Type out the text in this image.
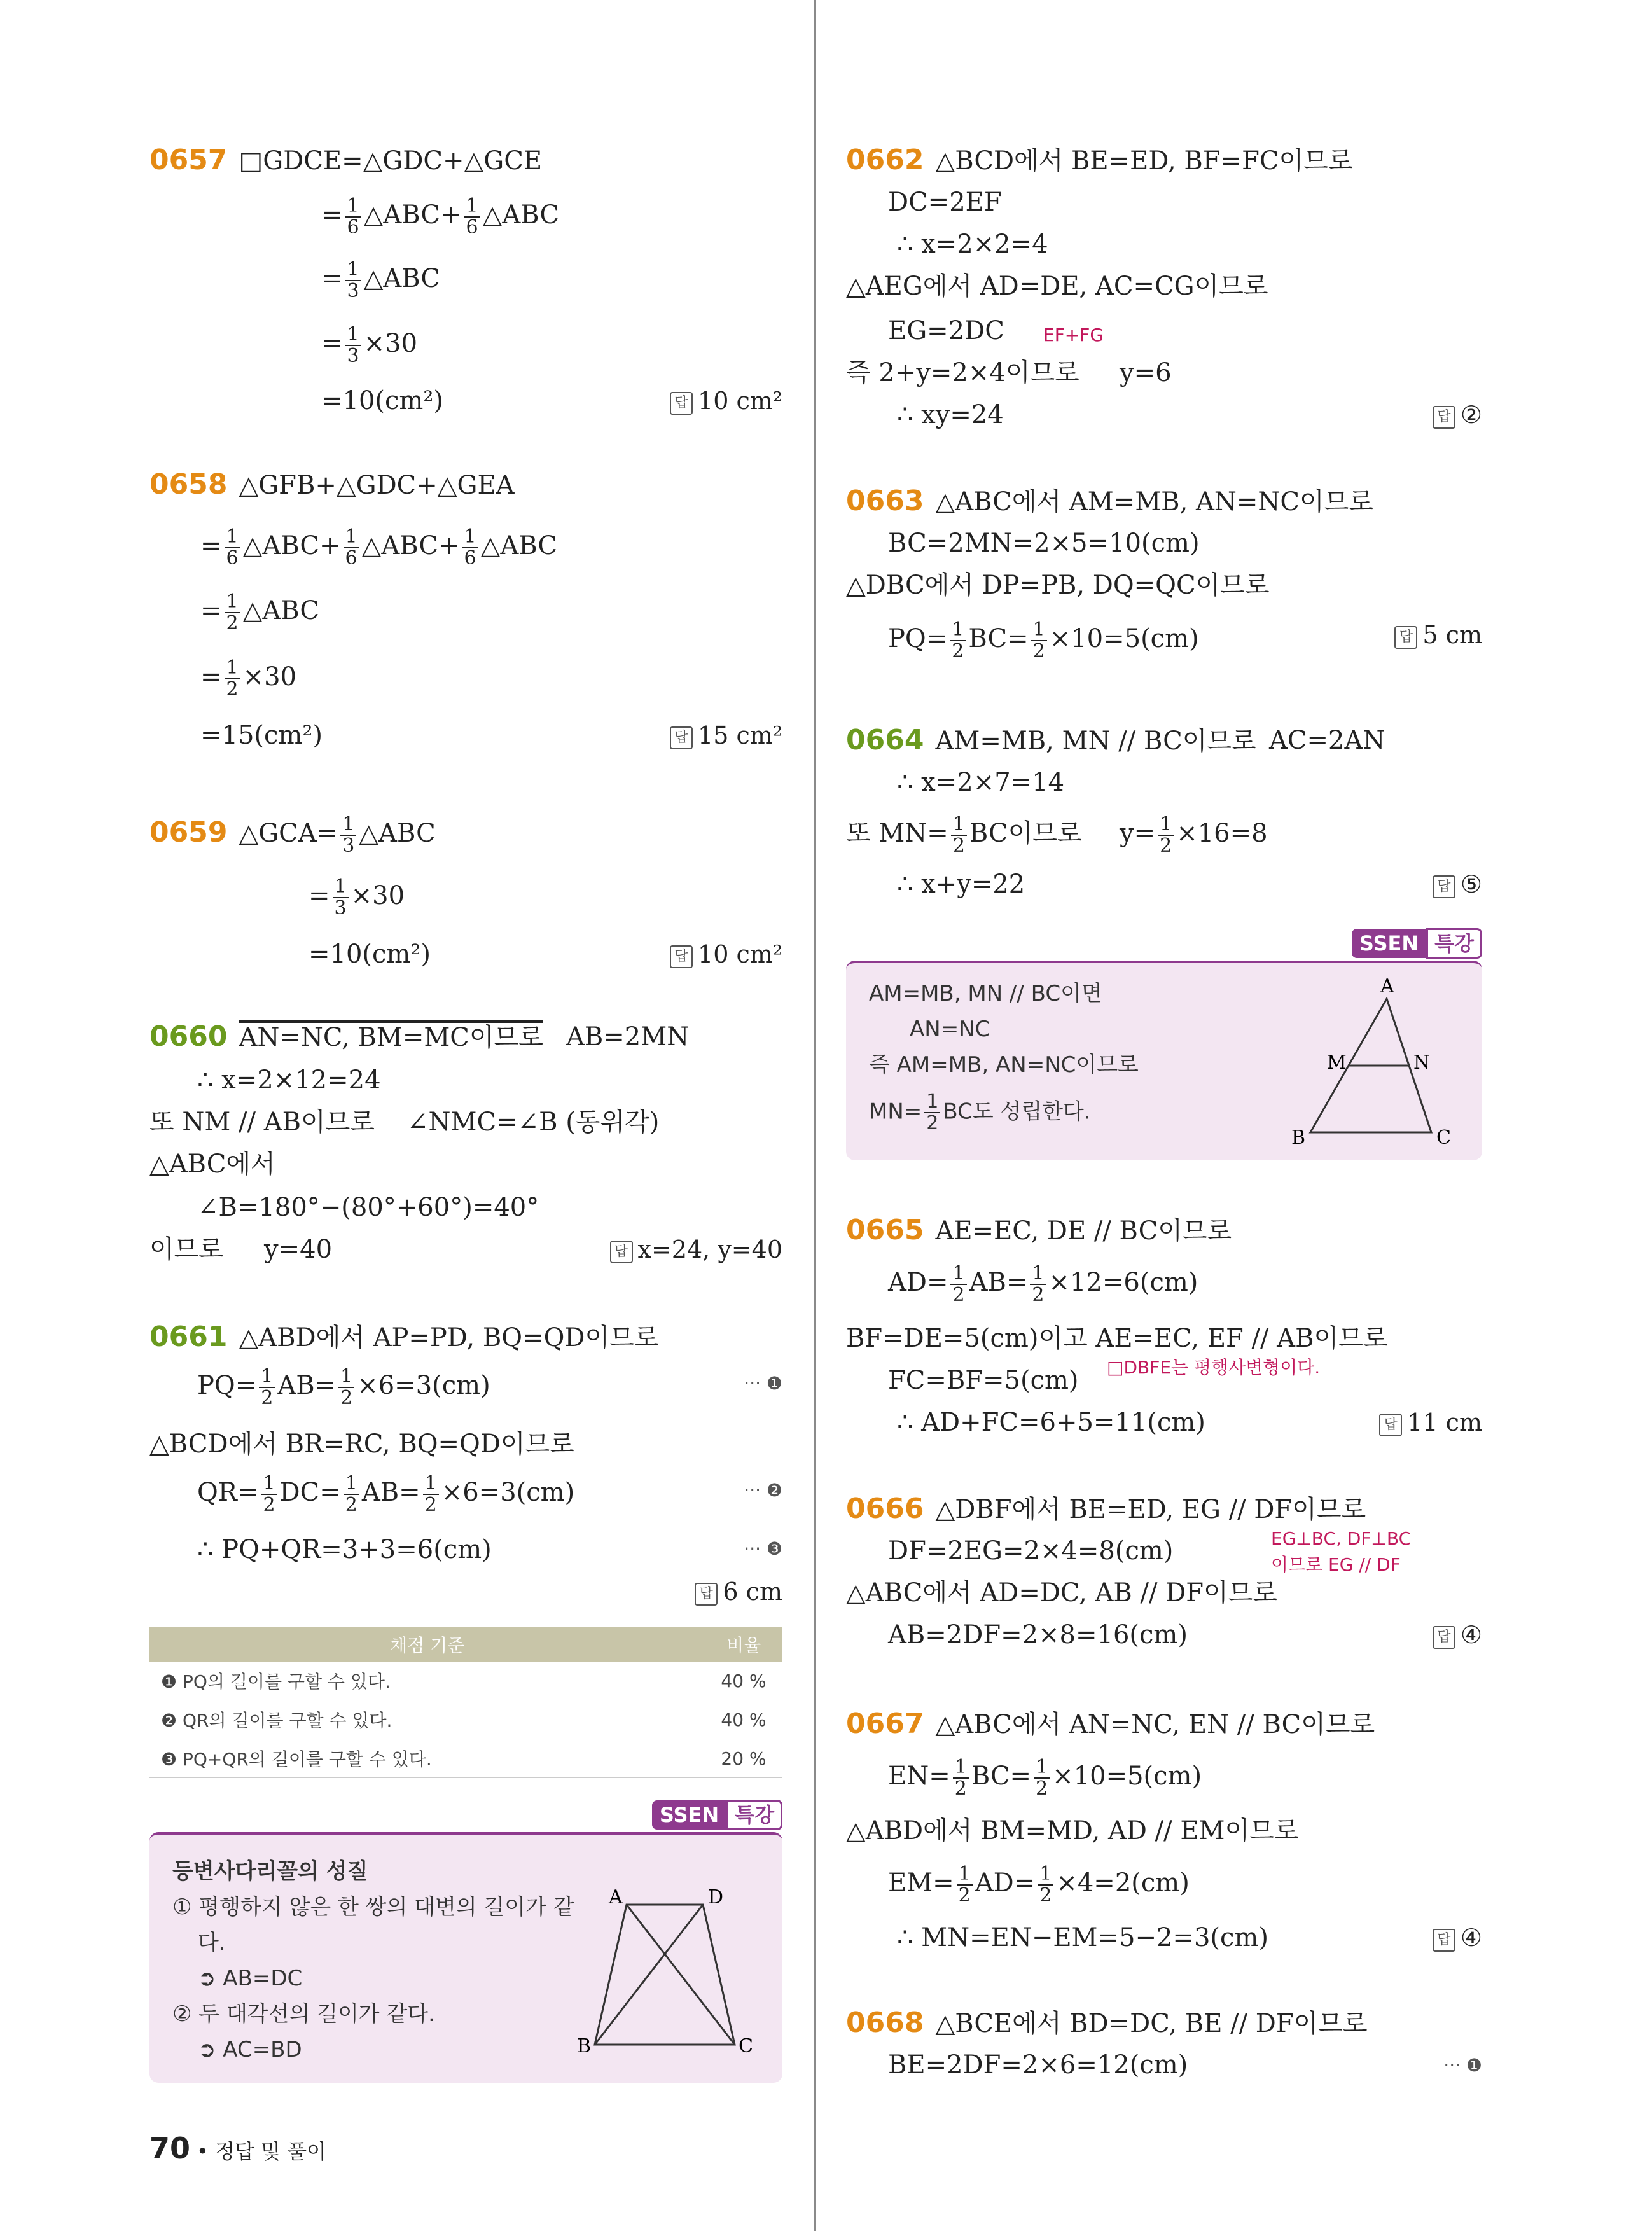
0657 □GDCE=△GDC+△GCE
= $\frac{1}{6}$ △ABC+ $\frac{1}{6}$ △ABC
= $\frac{1}{3}$ △ABC
= $\frac{1}{3} \times 30$
=10(cm²)	답 10 cm²
0658 △GFB+△GDC+△GEA
= $\frac{1}{6}$ △ABC+ $\frac{1}{6}$ △ABC+ $\frac{1}{6}$ △ABC
= $\frac{1}{2}$ △ABC
= $\frac{1}{2} \times 30$
=15(cm²)	답 15 cm²
0659 △GCA= $\frac{1}{3}$ △ABC
= $\frac{1}{3} \times 30$
=10(cm²)	답 10 cm²
0660 AN=NC, BM=MC이므로 AB=2MN
∴ x=2×12=24
또 NM // AB이므로 ∠NMC=∠B (동위각)
△ABC에서
∠B=180°−(80°+60°)=40°
이므로 y=40	답 x=24, y=40
0661 △ABD에서 AP=PD, BQ=QD이므로
$PQ= \frac{1}{2} AB= \frac{1}{2} \times 6=3(cm)$	··· ❶
△BCD에서 BR=RC, BQ=QD이므로
$QR= \frac{1}{2} DC= \frac{1}{2} AB= \frac{1}{2} \times 6=3(cm)$	··· ❷
∴ PQ+QR=3+3=6(cm)	··· ❸
답 6 cm
채점 기준	비율
❶ PQ의 길이를 구할 수 있다.	40 %
❷ QR의 길이를 구할 수 있다.	40 %
❸ PQ+QR의 길이를 구할 수 있다.	20 %
SSEN 특강
등변사다리꼴의 성질
① 평행하지 않은 한 쌍의 대변의 길이가 같
다.
➲ AB=DC
② 두 대각선의 길이가 같다.
➲ AC=BD
A	D
B	C
0662 △BCD에서 BE=ED, BF=FC이므로
DC=2EF
∴ x=2×2=4
△AEG에서 AD=DE, AC=CG이므로
EG=2DC EF+FG
즉 2+y=2×4이므로 y=6
∴ xy=24	답 ②
0663 △ABC에서 AM=MB, AN=NC이므로
BC=2MN=2×5=10(cm)
△DBC에서 DP=PB, DQ=QC이므로
$PQ= \frac{1}{2} BC= \frac{1}{2} \times 10=5(cm)$	답 5 cm
0664 AM=MB, MN // BC이므로 AC=2AN
∴ x=2×7=14
또 $MN= \frac{1}{2}$ BC이므로 $y= \frac{1}{2} \times 16=8$
∴ x+y=22	답 ⑤
SSEN 특강
AM=MB, MN // BC이면
AN=NC
즉 AM=MB, AN=NC이므로
$MN= \frac{1}{2}$ BC도 성립한다.
A
B	C
M	N
0665 AE=EC, DE // BC이므로
$AD= \frac{1}{2} AB= \frac{1}{2} \times 12=6(cm)$
BF=DE=5(cm)이고 AE=EC, EF // AB이므로
□DBFE는 평행사변형이다.
FC=BF=5(cm)
∴ AD+FC=6+5=11(cm)	답 11 cm
0666 △DBF에서 BE=ED, EG // DF이므로
DF=2EG=2×4=8(cm)	EG⊥BC, DF⊥BC
이므로 EG // DF
△ABC에서 AD=DC, AB // DF이므로
AB=2DF=2×8=16(cm)	답 ④
0667 △ABC에서 AN=NC, EN // BC이므로
$EN= \frac{1}{2} BC= \frac{1}{2} \times 10=5(cm)$
△ABD에서 BM=MD, AD // EM이므로
$EM= \frac{1}{2} AD= \frac{1}{2} \times 4=2(cm)$
∴ MN=EN−EM=5−2=3(cm)	답 ④
0668 △BCE에서 BD=DC, BE // DF이므로
BE=2DF=2×6=12(cm)	··· ❶
70 • 정답 및 풀이
